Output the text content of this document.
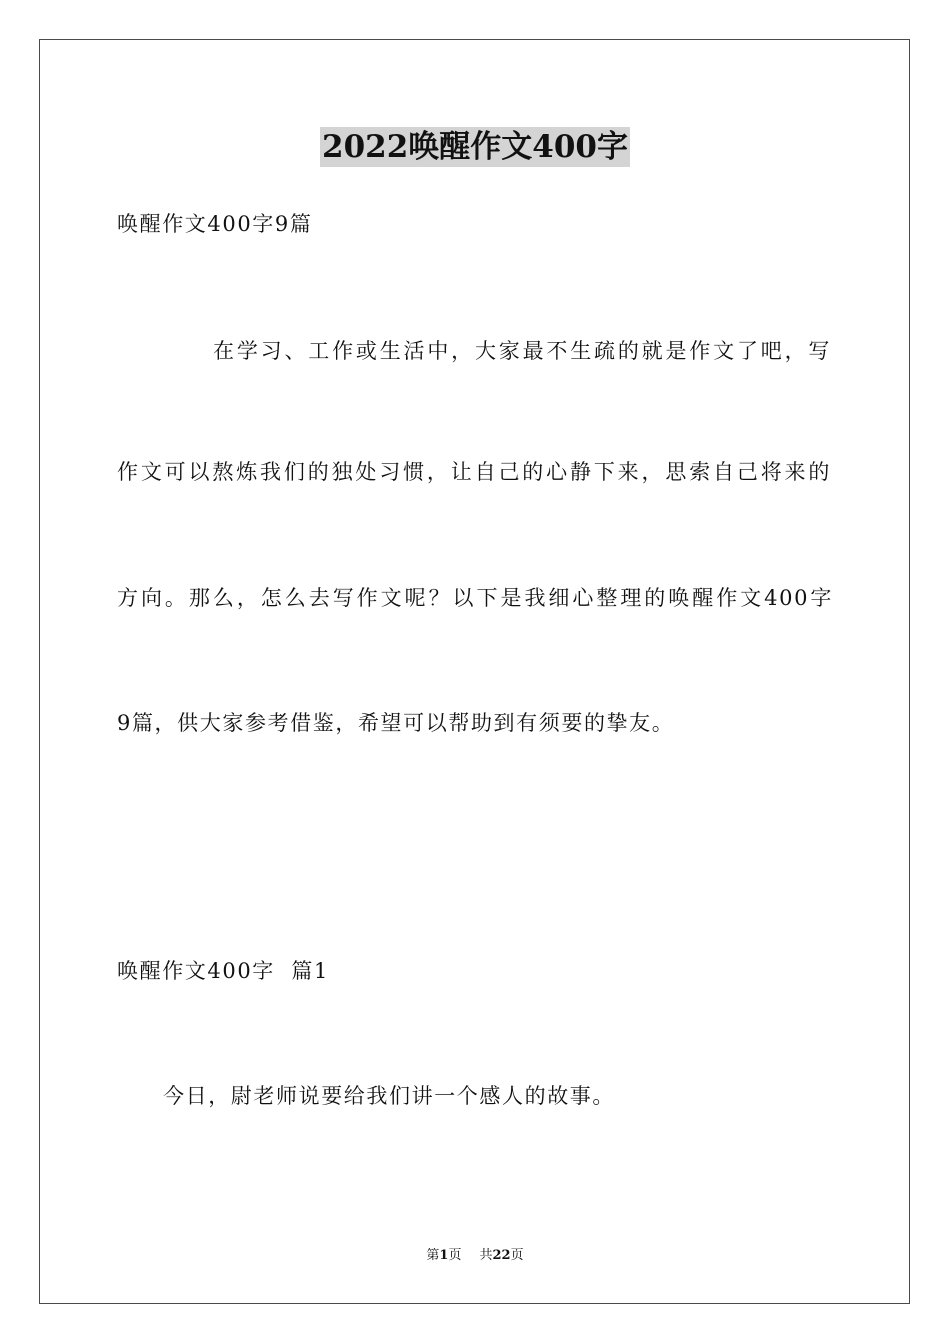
2022唤醒作文400字
唤醒作文400字9篇
在学习、工作或生活中，大家最不生疏的就是作文了吧，写
作文可以熬炼我们的独处习惯，让自己的心静下来，思索自己将来的
方向。那么，怎么去写作文呢？以下是我细心整理的唤醒作文400字
9篇，供大家参考借鉴，希望可以帮助到有须要的挚友。
唤醒作文400字  篇1
今日，尉老师说要给我们讲一个感人的故事。
第1页 共22页
